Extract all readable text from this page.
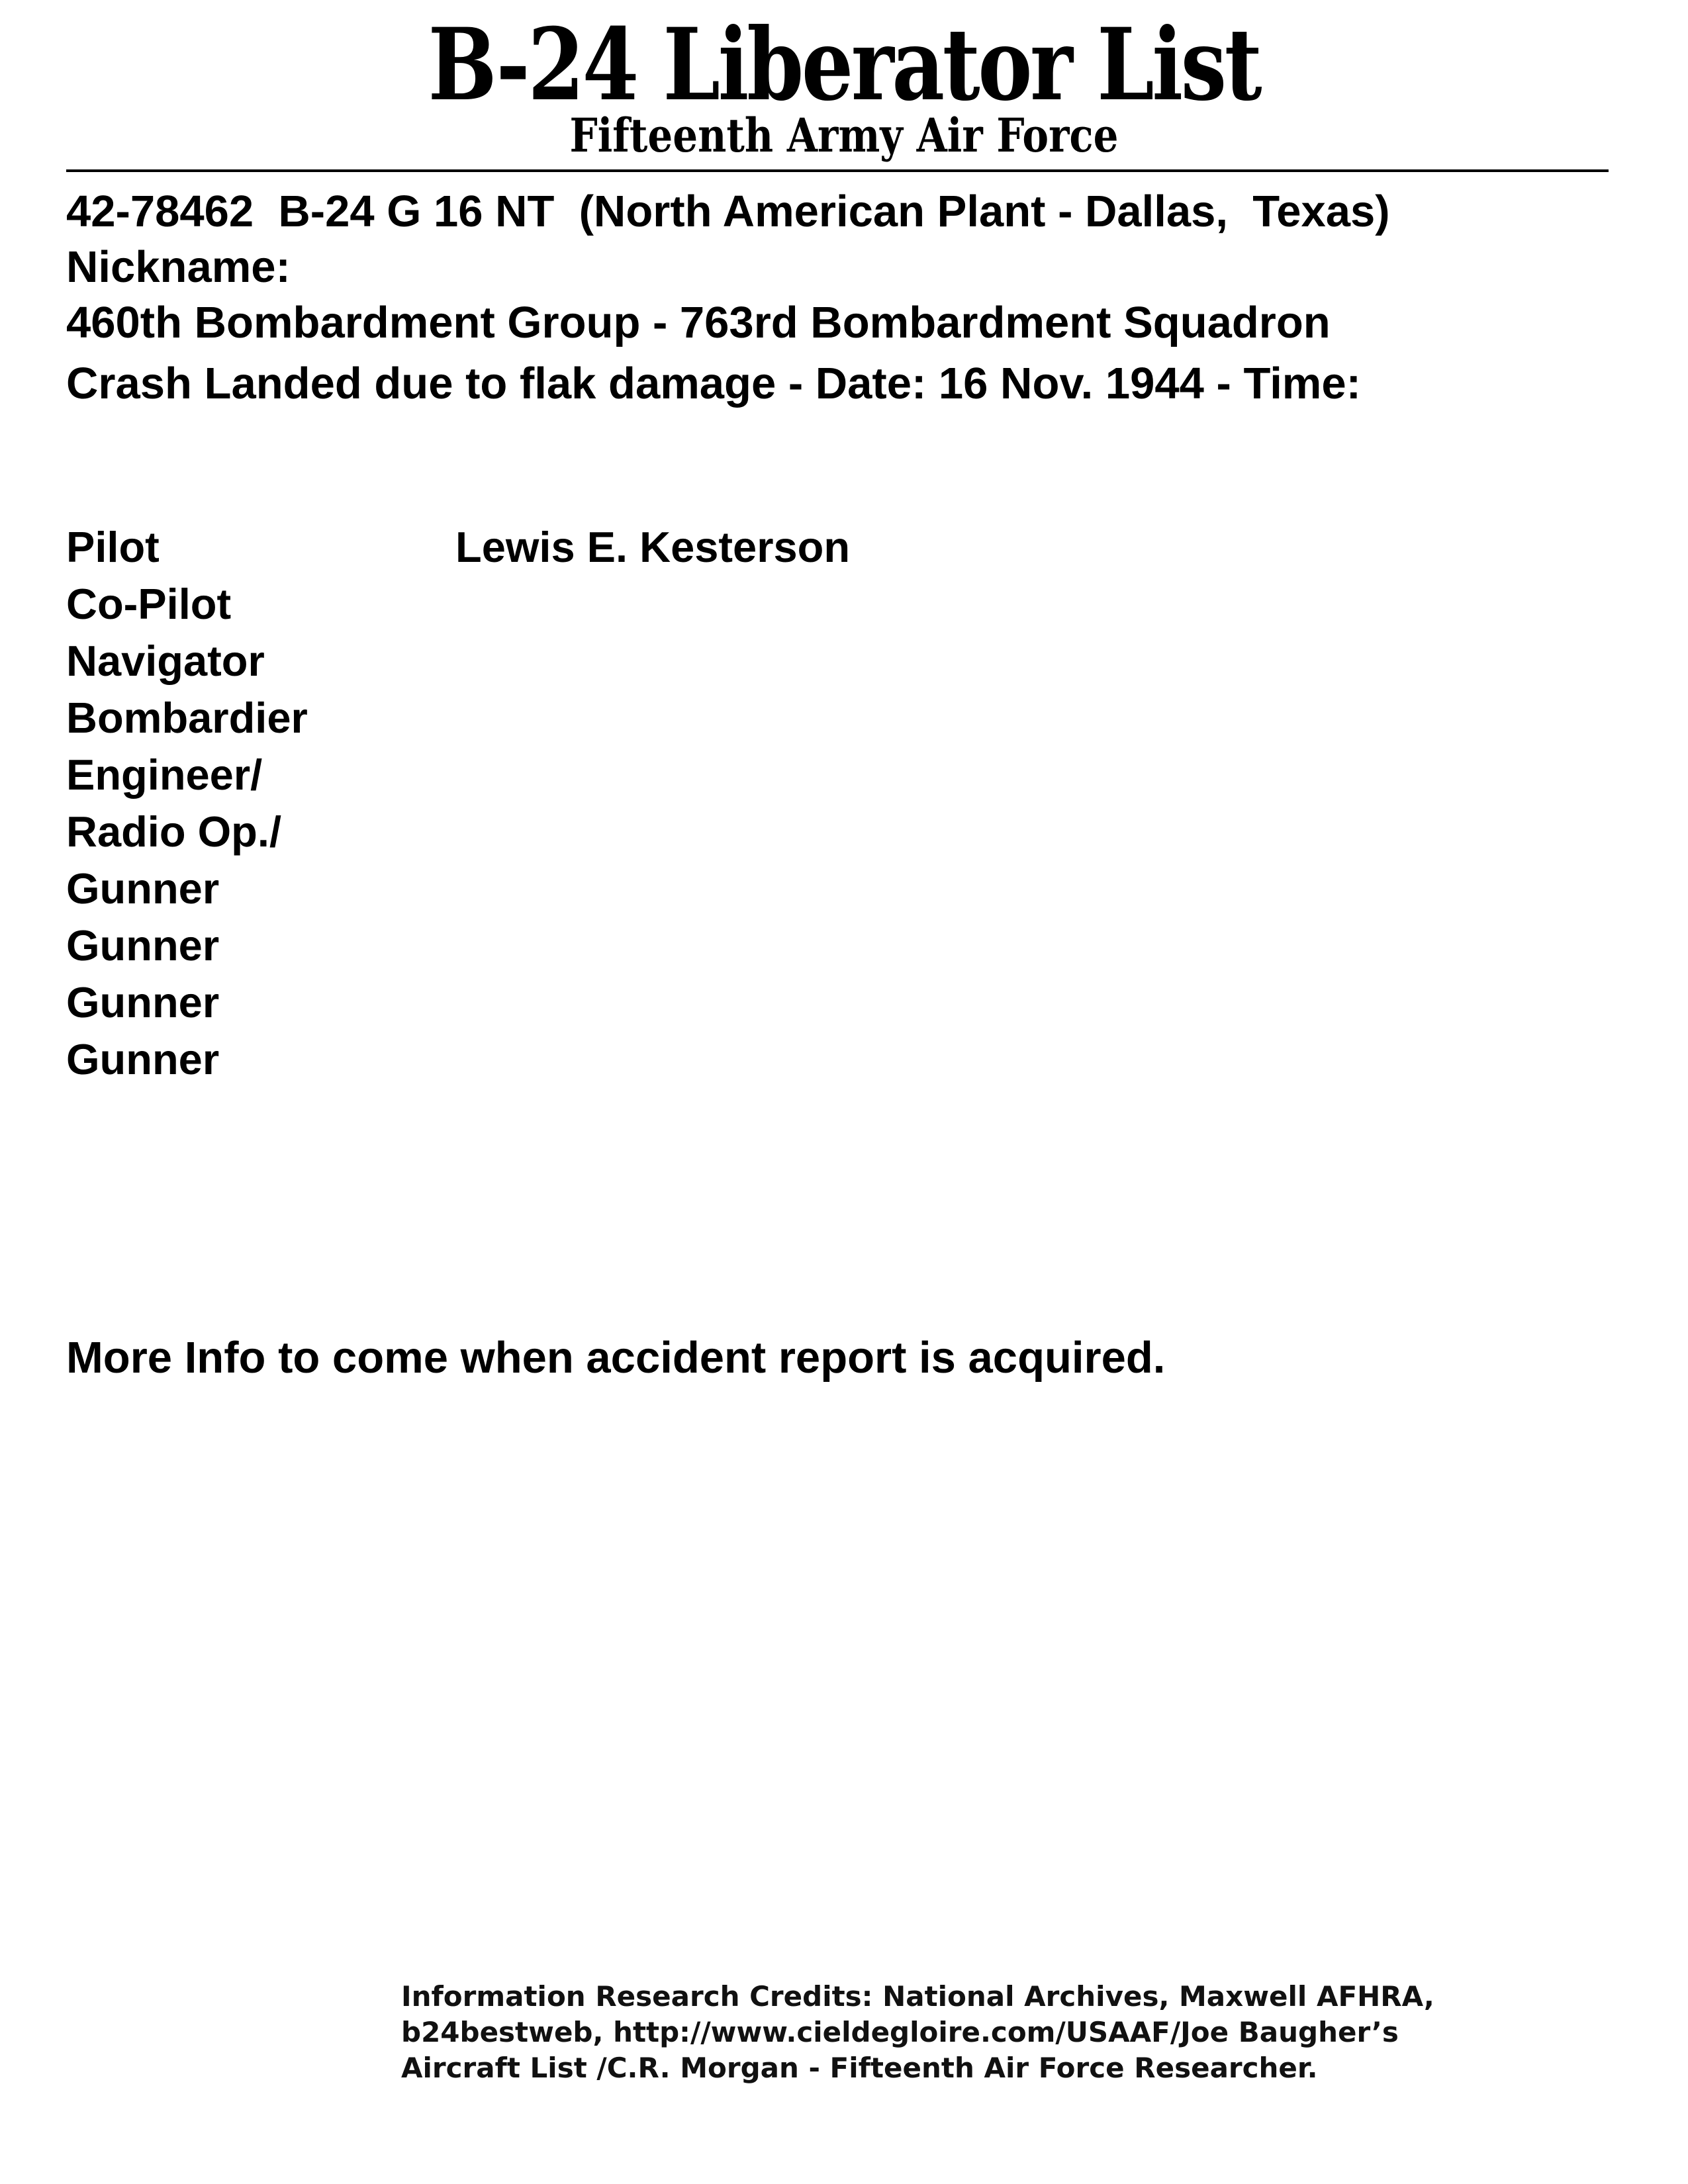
B-24 Liberator List
Fifteenth Army Air Force
42-78462  B-24 G 16 NT  (North American Plant - Dallas,  Texas)
Nickname:
460th Bombardment Group - 763rd Bombardment Squadron
Crash Landed due to flak damage - Date: 16 Nov. 1944 - Time:
Pilot	Lewis E. Kesterson
Co-Pilot
Navigator
Bombardier
Engineer/
Radio Op./
Gunner
Gunner
Gunner
Gunner
More Info to come when accident report is acquired.
Information Research Credits: National Archives, Maxwell AFHRA,
b24bestweb, http://www.cieldegloire.com/USAAF/Joe Baugher’s
Aircraft List /C.R. Morgan - Fifteenth Air Force Researcher.
